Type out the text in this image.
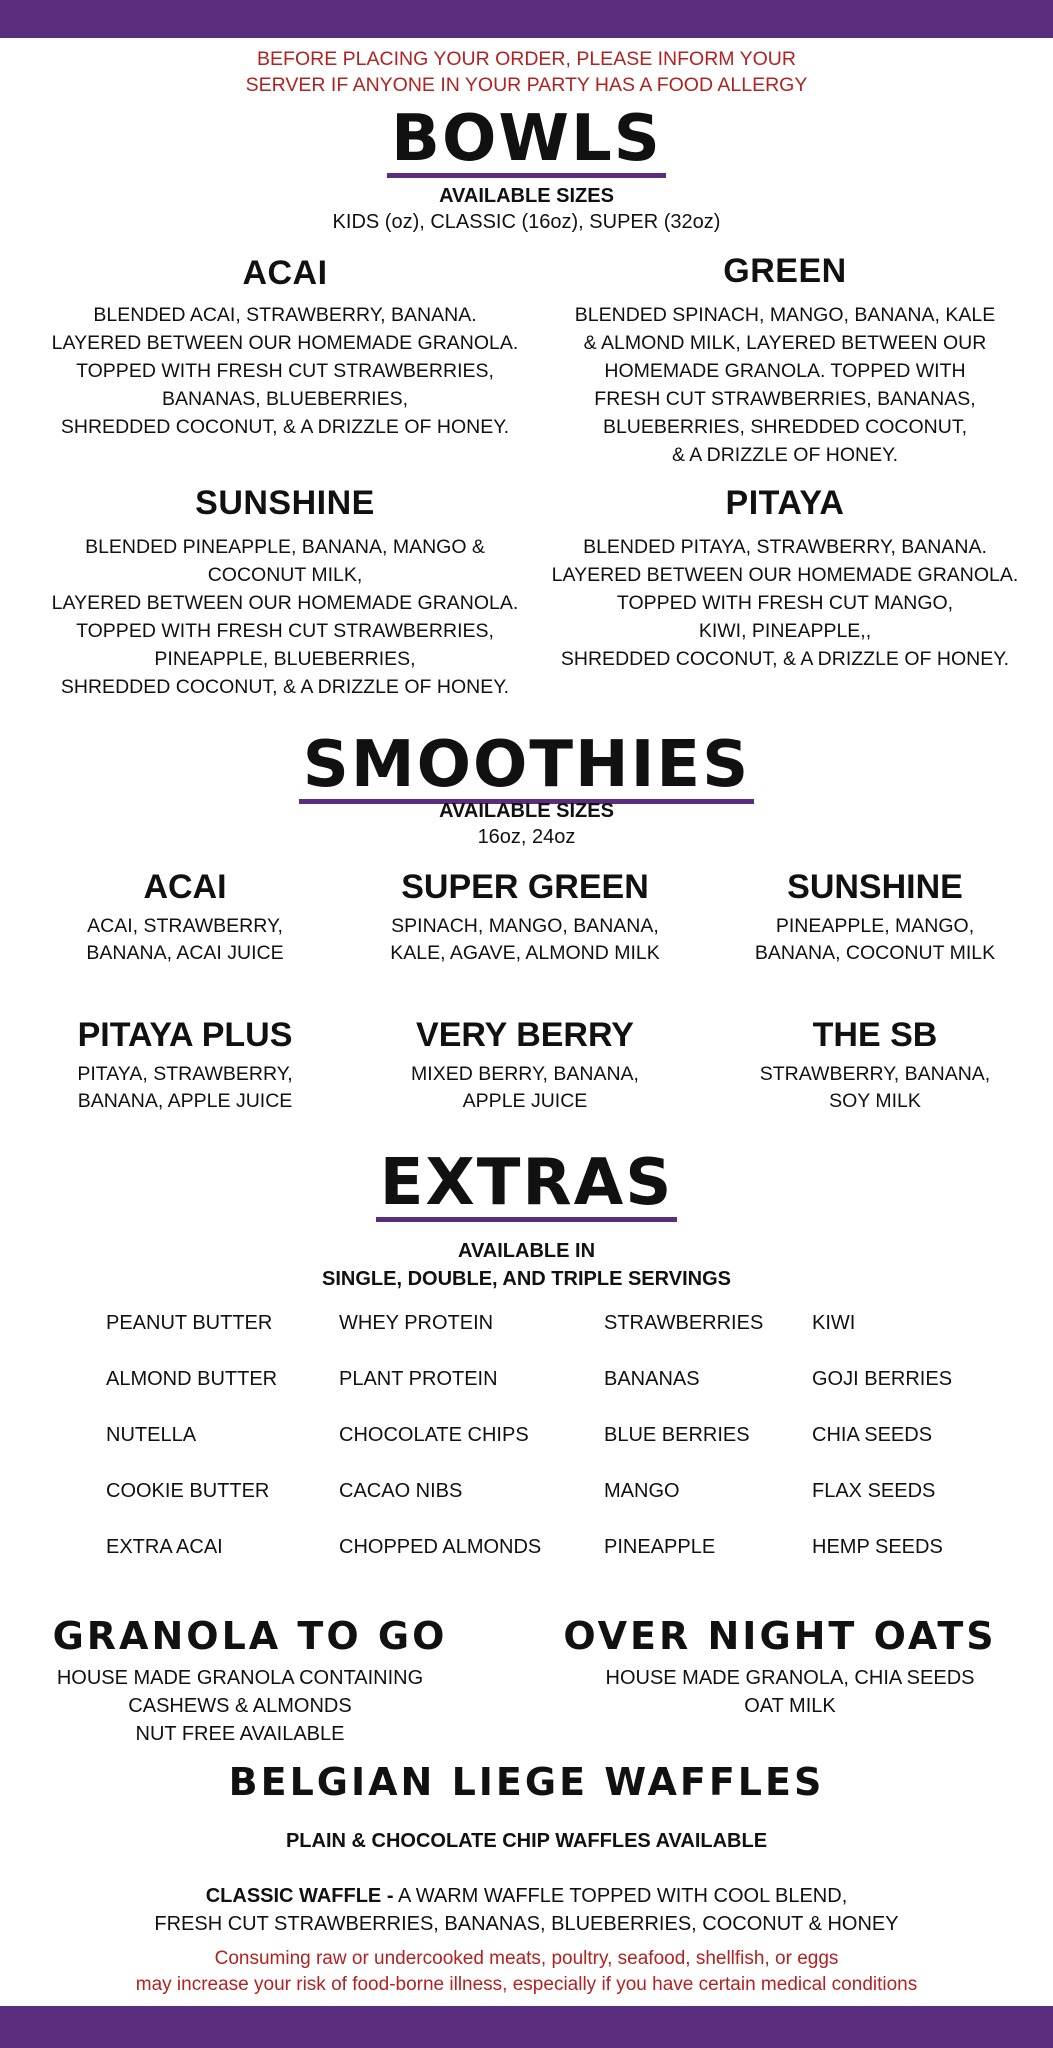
BEFORE PLACING YOUR ORDER, PLEASE INFORM YOUR
SERVER IF ANYONE IN YOUR PARTY HAS A FOOD ALLERGY
BOWLS
AVAILABLE SIZES
KIDS (oz), CLASSIC (16oz), SUPER (32oz)
ACAI
BLENDED ACAI, STRAWBERRY, BANANA.
LAYERED BETWEEN OUR HOMEMADE GRANOLA.
TOPPED WITH FRESH CUT STRAWBERRIES,
BANANAS, BLUEBERRIES,
SHREDDED COCONUT, & A DRIZZLE OF HONEY.
GREEN
BLENDED SPINACH, MANGO, BANANA, KALE
& ALMOND MILK, LAYERED BETWEEN OUR
HOMEMADE GRANOLA. TOPPED WITH
FRESH CUT STRAWBERRIES, BANANAS,
BLUEBERRIES, SHREDDED COCONUT,
& A DRIZZLE OF HONEY.
SUNSHINE
BLENDED PINEAPPLE, BANANA, MANGO &
COCONUT MILK,
LAYERED BETWEEN OUR HOMEMADE GRANOLA.
TOPPED WITH FRESH CUT STRAWBERRIES,
PINEAPPLE, BLUEBERRIES,
SHREDDED COCONUT, & A DRIZZLE OF HONEY.
PITAYA
BLENDED PITAYA, STRAWBERRY, BANANA.
LAYERED BETWEEN OUR HOMEMADE GRANOLA.
TOPPED WITH FRESH CUT MANGO,
KIWI, PINEAPPLE,,
SHREDDED COCONUT, & A DRIZZLE OF HONEY.
SMOOTHIES
AVAILABLE SIZES
16oz, 24oz
ACAI
ACAI, STRAWBERRY,
BANANA, ACAI JUICE
SUPER GREEN
SPINACH, MANGO, BANANA,
KALE, AGAVE, ALMOND MILK
SUNSHINE
PINEAPPLE, MANGO,
BANANA, COCONUT MILK
PITAYA PLUS
PITAYA, STRAWBERRY,
BANANA, APPLE JUICE
VERY BERRY
MIXED BERRY, BANANA,
APPLE JUICE
THE SB
STRAWBERRY, BANANA,
SOY MILK
EXTRAS
AVAILABLE IN
SINGLE, DOUBLE, AND TRIPLE SERVINGS
PEANUT BUTTER
ALMOND BUTTER
NUTELLA
COOKIE BUTTER
EXTRA ACAI
WHEY PROTEIN
PLANT PROTEIN
CHOCOLATE CHIPS
CACAO NIBS
CHOPPED ALMONDS
STRAWBERRIES
BANANAS
BLUE BERRIES
MANGO
PINEAPPLE
KIWI
GOJI BERRIES
CHIA SEEDS
FLAX SEEDS
HEMP SEEDS
GRANOLA TO GO
HOUSE MADE GRANOLA CONTAINING
CASHEWS & ALMONDS
NUT FREE AVAILABLE
OVER NIGHT OATS
HOUSE MADE GRANOLA, CHIA SEEDS
OAT MILK
BELGIAN LIEGE WAFFLES
PLAIN & CHOCOLATE CHIP WAFFLES AVAILABLE
CLASSIC WAFFLE - A WARM WAFFLE TOPPED WITH COOL BLEND,
FRESH CUT STRAWBERRIES, BANANAS, BLUEBERRIES, COCONUT & HONEY
Consuming raw or undercooked meats, poultry, seafood, shellfish, or eggs
may increase your risk of food-borne illness, especially if you have certain medical conditions
